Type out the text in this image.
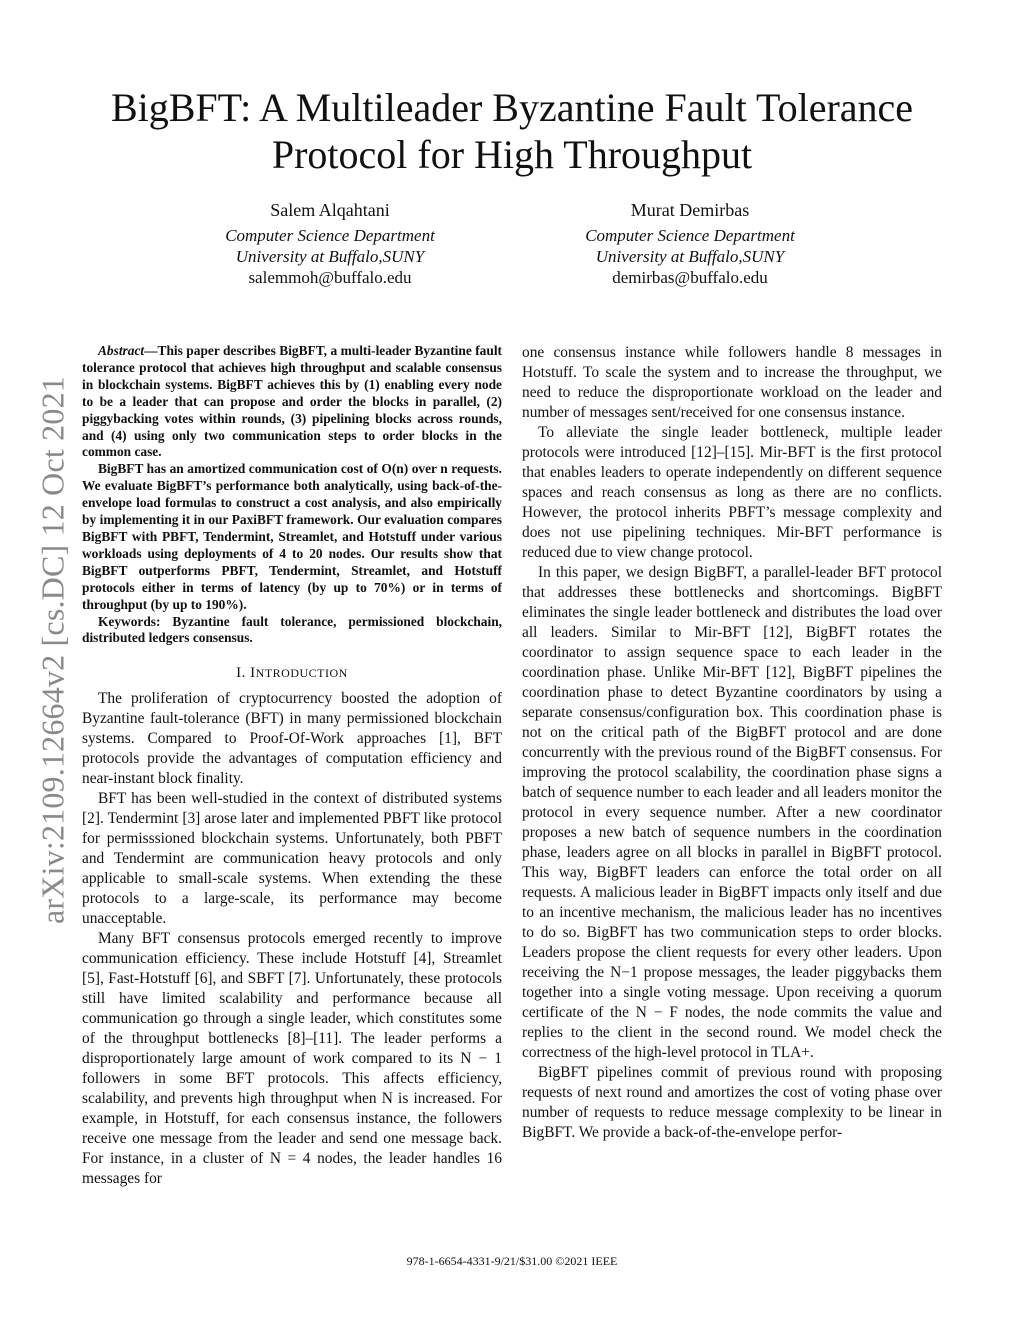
arXiv:2109.12664v2 [cs.DC] 12 Oct 2021
BigBFT: A Multileader Byzantine Fault Tolerance
Protocol for High Throughput
Salem Alqahtani
Computer Science Department
University at Buffalo,SUNY
salemmoh@buffalo.edu
Murat Demirbas
Computer Science Department
University at Buffalo,SUNY
demirbas@buffalo.edu

Abstract—This paper describes BigBFT, a multi-leader Byzantine fault tolerance protocol that achieves high throughput and scalable consensus in blockchain systems. BigBFT achieves this by (1) enabling every node to be a leader that can propose and order the blocks in parallel, (2) piggybacking votes within rounds, (3) pipelining blocks across rounds, and (4) using only two communication steps to order blocks in the common case.

BigBFT has an amortized communication cost of O(n) over n requests. We evaluate BigBFT’s performance both analytically, using back-of-the-envelope load formulas to construct a cost analysis, and also empirically by implementing it in our PaxiBFT framework. Our evaluation compares BigBFT with PBFT, Tendermint, Streamlet, and Hotstuff under various workloads using deployments of 4 to 20 nodes. Our results show that BigBFT outperforms PBFT, Tendermint, Streamlet, and Hotstuff protocols either in terms of latency (by up to 70%) or in terms of throughput (by up to 190%).

Keywords: Byzantine fault tolerance, permissioned blockchain, distributed ledgers consensus.

I. INTRODUCTION

The proliferation of cryptocurrency boosted the adoption of Byzantine fault-tolerance (BFT) in many permissioned blockchain systems. Compared to Proof-Of-Work approaches [1], BFT protocols provide the advantages of computation efficiency and near-instant block finality.

BFT has been well-studied in the context of distributed systems [2]. Tendermint [3] arose later and implemented PBFT like protocol for permisssioned blockchain systems. Unfortunately, both PBFT and Tendermint are communication heavy protocols and only applicable to small-scale systems. When extending the these protocols to a large-scale, its performance may become unacceptable.

Many BFT consensus protocols emerged recently to improve communication efficiency. These include Hotstuff [4], Streamlet [5], Fast-Hotstuff [6], and SBFT [7]. Unfortunately, these protocols still have limited scalability and performance because all communication go through a single leader, which constitutes some of the throughput bottlenecks [8]–[11]. The leader performs a disproportionately large amount of work compared to its N − 1 followers in some BFT protocols. This affects efficiency, scalability, and prevents high throughput when N is increased. For example, in Hotstuff, for each consensus instance, the followers receive one message from the leader and send one message back. For instance, in a cluster of N = 4 nodes, the leader handles 16 messages for

one consensus instance while followers handle 8 messages in Hotstuff. To scale the system and to increase the throughput, we need to reduce the disproportionate workload on the leader and number of messages sent/received for one consensus instance.

To alleviate the single leader bottleneck, multiple leader protocols were introduced [12]–[15]. Mir-BFT is the first protocol that enables leaders to operate independently on different sequence spaces and reach consensus as long as there are no conflicts. However, the protocol inherits PBFT’s message complexity and does not use pipelining techniques. Mir-BFT performance is reduced due to view change protocol.

In this paper, we design BigBFT, a parallel-leader BFT protocol that addresses these bottlenecks and shortcomings. BigBFT eliminates the single leader bottleneck and distributes the load over all leaders. Similar to Mir-BFT [12], BigBFT rotates the coordinator to assign sequence space to each leader in the coordination phase. Unlike Mir-BFT [12], BigBFT pipelines the coordination phase to detect Byzantine coordinators by using a separate consensus/configuration box. This coordination phase is not on the critical path of the BigBFT protocol and are done concurrently with the previous round of the BigBFT consensus. For improving the protocol scalability, the coordination phase signs a batch of sequence number to each leader and all leaders monitor the protocol in every sequence number. After a new coordinator proposes a new batch of sequence numbers in the coordination phase, leaders agree on all blocks in parallel in BigBFT protocol. This way, BigBFT leaders can enforce the total order on all requests. A malicious leader in BigBFT impacts only itself and due to an incentive mechanism, the malicious leader has no incentives to do so. BigBFT has two communication steps to order blocks. Leaders propose the client requests for every other leaders. Upon receiving the N−1 propose messages, the leader piggybacks them together into a single voting message. Upon receiving a quorum certificate of the N − F nodes, the node commits the value and replies to the client in the second round. We model check the correctness of the high-level protocol in TLA+.

BigBFT pipelines commit of previous round with proposing requests of next round and amortizes the cost of voting phase over number of requests to reduce message complexity to be linear in BigBFT. We provide a back-of-the-envelope perfor-

978-1-6654-4331-9/21/$31.00 ©2021 IEEE
